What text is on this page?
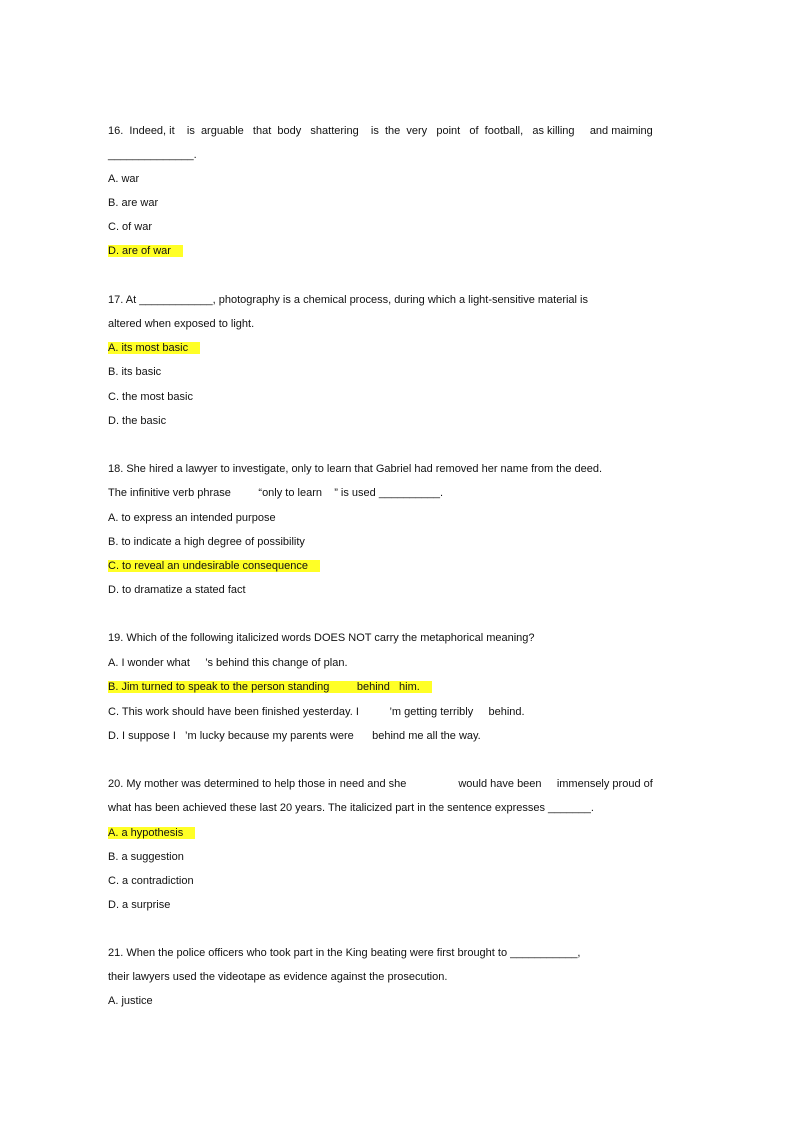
16.  Indeed, it    is  arguable   that  body   shattering    is  the  very   point   of  football,   as killing     and maiming
______________.
A. war
B. are war
C. of war
D. are of war
17. At ____________, photography is a chemical process, during which a light-sensitive material is
altered when exposed to light.
A. its most basic
B. its basic
C. the most basic
D. the basic
18. She hired a lawyer to investigate, only to learn that Gabriel had removed her name from the deed.
The infinitive verb phrase         “only to learn    ” is used __________.
A. to express an intended purpose
B. to indicate a high degree of possibility
C. to reveal an undesirable consequence
D. to dramatize a stated fact
19. Which of the following italicized words DOES NOT carry the metaphorical meaning?
A. I wonder what     ’s behind this change of plan.
B. Jim turned to speak to the person standing         behind   him.
C. This work should have been finished yesterday. I          ’m getting terribly     behind.
D. I suppose I   ’m lucky because my parents were      behind me all the way.
20. My mother was determined to help those in need and she                 would have been     immensely proud of
what has been achieved these last 20 years. The italicized part in the sentence expresses _______.
A. a hypothesis
B. a suggestion
C. a contradiction
D. a surprise
21. When the police officers who took part in the King beating were first brought to ___________,
their lawyers used the videotape as evidence against the prosecution.
A. justice
